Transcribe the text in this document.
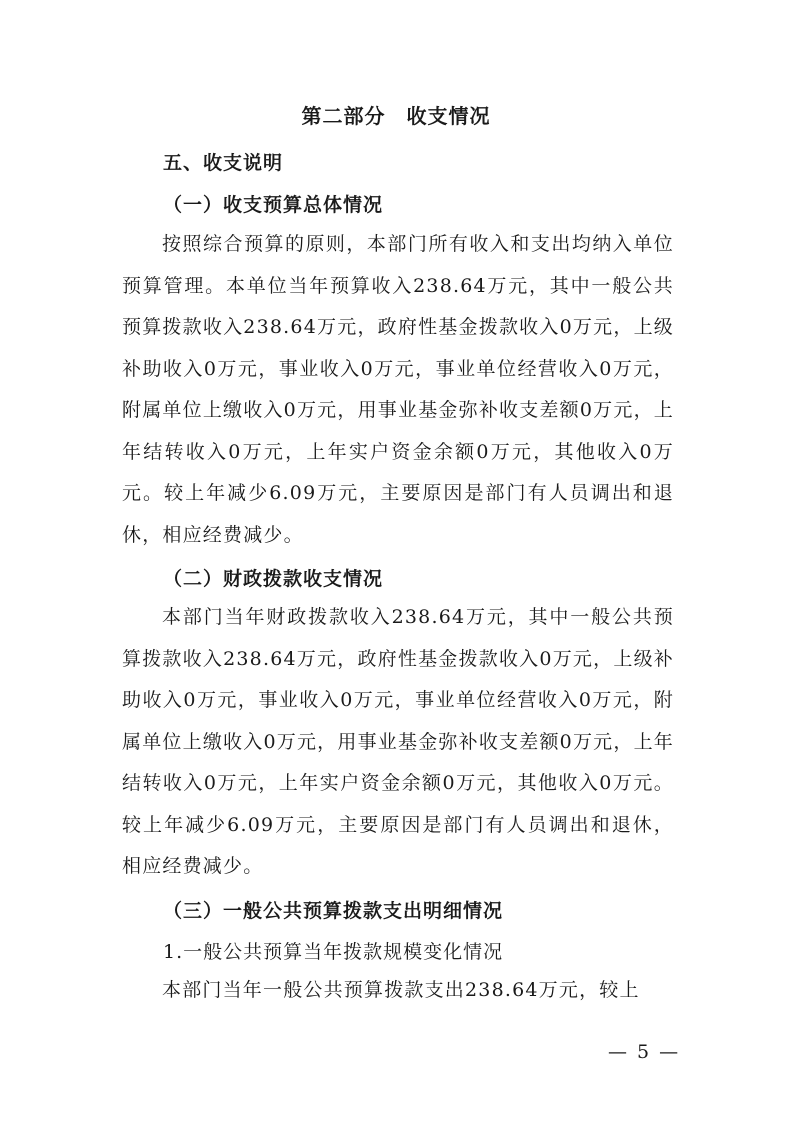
第二部分　收支情况
五、收支说明
（一）收支预算总体情况
按照综合预算的原则，本部门所有收入和支出均纳入单位预算管理。本单位当年预算收入238.64万元，其中一般公共预算拨款收入238.64万元，政府性基金拨款收入0万元，上级补助收入0万元，事业收入0万元，事业单位经营收入0万元，附属单位上缴收入0万元，用事业基金弥补收支差额0万元，上年结转收入0万元，上年实户资金余额0万元，其他收入0万元。较上年减少6.09万元，主要原因是部门有人员调出和退休，相应经费减少。
（二）财政拨款收支情况
本部门当年财政拨款收入238.64万元，其中一般公共预算拨款收入238.64万元，政府性基金拨款收入0万元，上级补助收入0万元，事业收入0万元，事业单位经营收入0万元，附属单位上缴收入0万元，用事业基金弥补收支差额0万元，上年结转收入0万元，上年实户资金余额0万元，其他收入0万元。较上年减少6.09万元，主要原因是部门有人员调出和退休，相应经费减少。
（三）一般公共预算拨款支出明细情况
1.一般公共预算当年拨款规模变化情况
本部门当年一般公共预算拨款支出238.64万元，较上
— 5 —
